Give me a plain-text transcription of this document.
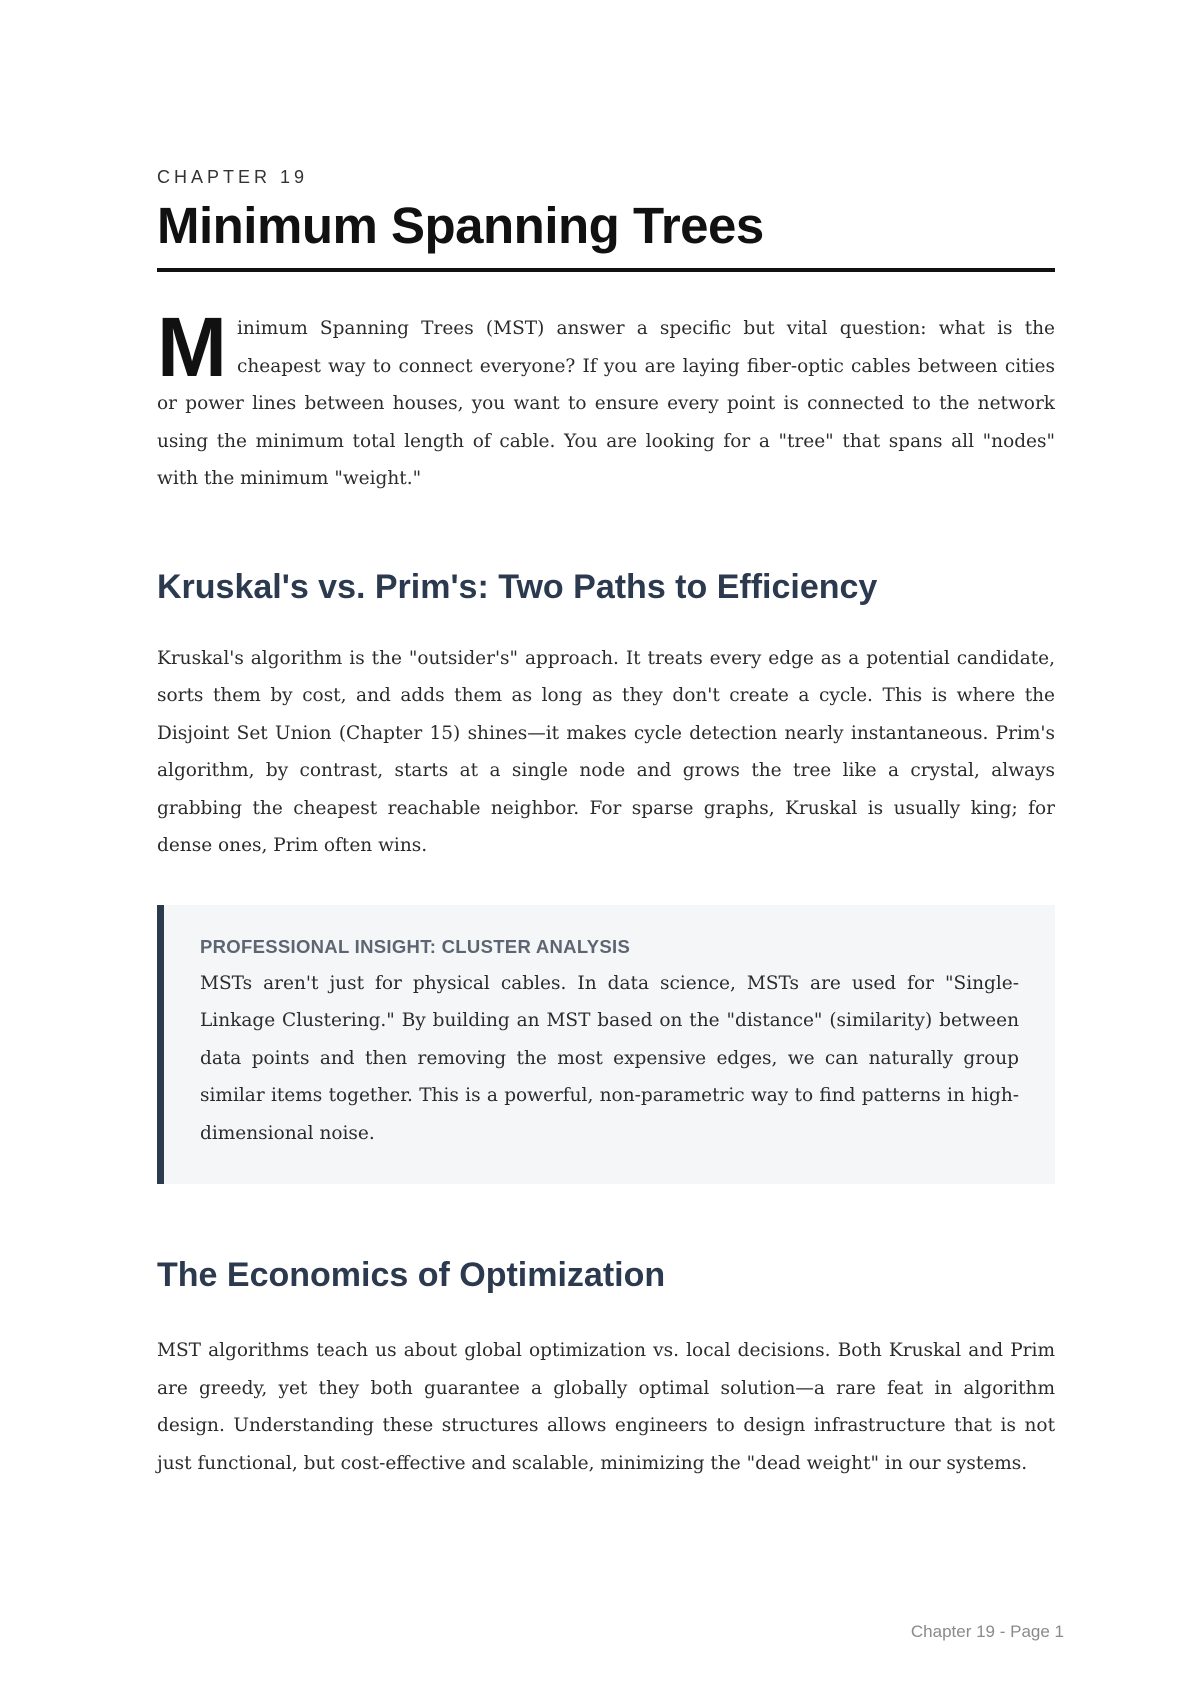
CHAPTER 19

Minimum Spanning Trees

Minimum Spanning Trees (MST) answer a specific but vital question: what is the cheapest way to connect everyone? If you are laying fiber-optic cables between cities or power lines between houses, you want to ensure every point is connected to the network using the minimum total length of cable. You are looking for a "tree" that spans all "nodes" with the minimum "weight."

Kruskal's vs. Prim's: Two Paths to Efficiency

Kruskal's algorithm is the "outsider's" approach. It treats every edge as a potential candidate, sorts them by cost, and adds them as long as they don't create a cycle. This is where the Disjoint Set Union (Chapter 15) shines—it makes cycle detection nearly instantaneous. Prim's algorithm, by contrast, starts at a single node and grows the tree like a crystal, always grabbing the cheapest reachable neighbor. For sparse graphs, Kruskal is usually king; for dense ones, Prim often wins.

PROFESSIONAL INSIGHT: CLUSTER ANALYSIS

MSTs aren't just for physical cables. In data science, MSTs are used for "Single-Linkage Clustering." By building an MST based on the "distance" (similarity) between data points and then removing the most expensive edges, we can naturally group similar items together. This is a powerful, non-parametric way to find patterns in high-dimensional noise.

The Economics of Optimization

MST algorithms teach us about global optimization vs. local decisions. Both Kruskal and Prim are greedy, yet they both guarantee a globally optimal solution—a rare feat in algorithm design. Understanding these structures allows engineers to design infrastructure that is not just functional, but cost-effective and scalable, minimizing the "dead weight" in our systems.

Chapter 19 - Page 1
